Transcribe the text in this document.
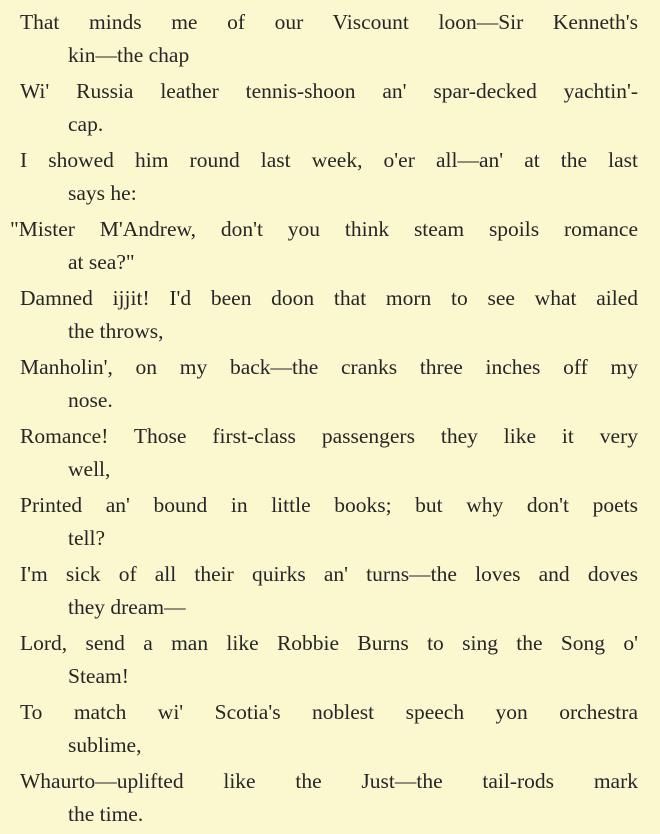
That minds me of our Viscount loon—Sir Kenneth's
kin—the chap
Wi' Russia leather tennis-shoon an' spar-decked yachtin'-
cap.
I showed him round last week, o'er all—an' at the last
says he:
"Mister M'Andrew, don't you think steam spoils romance
at sea?"
Damned ijjit! I'd been doon that morn to see what ailed
the throws,
Manholin', on my back—the cranks three inches off my
nose.
Romance! Those first-class passengers they like it very
well,
Printed an' bound in little books; but why don't poets
tell?
I'm sick of all their quirks an' turns—the loves and doves
they dream—
Lord, send a man like Robbie Burns to sing the Song o'
Steam!
To match wi' Scotia's noblest speech yon orchestra
sublime,
Whaurto—uplifted like the Just—the tail-rods mark
the time.
